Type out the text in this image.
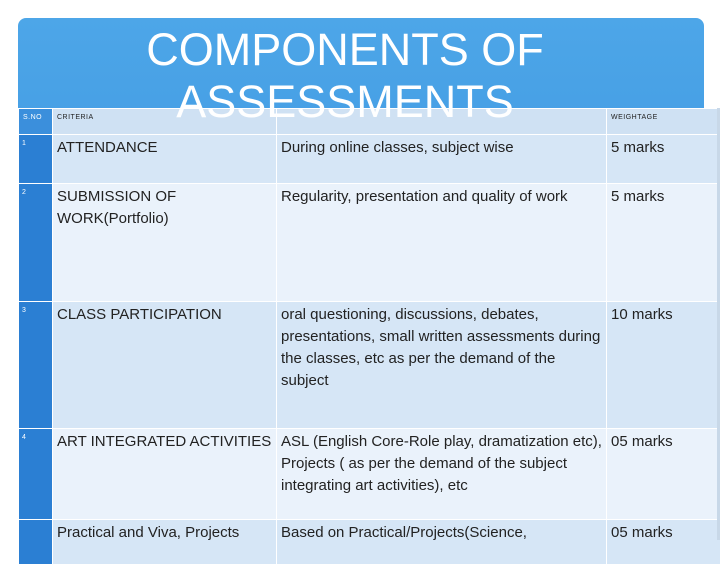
COMPONENTS OF ASSESSMENTS
S.NO	CRITERIA		WEIGHTAGE
1	ATTENDANCE	During online classes, subject wise	5 marks
2	SUBMISSION OF WORK(Portfolio)	Regularity, presentation and quality of work	5 marks
3	CLASS PARTICIPATION	oral questioning, discussions, debates, presentations, small written assessments during the classes, etc as per the demand of the subject	10 marks
4	ART INTEGRATED ACTIVITIES	ASL (English Core-Role play, dramatization etc), Projects ( as per the demand of the subject integrating art activities), etc	05 marks
	Practical and Viva, Projects	Based on Practical/Projects(Science,	05 marks
